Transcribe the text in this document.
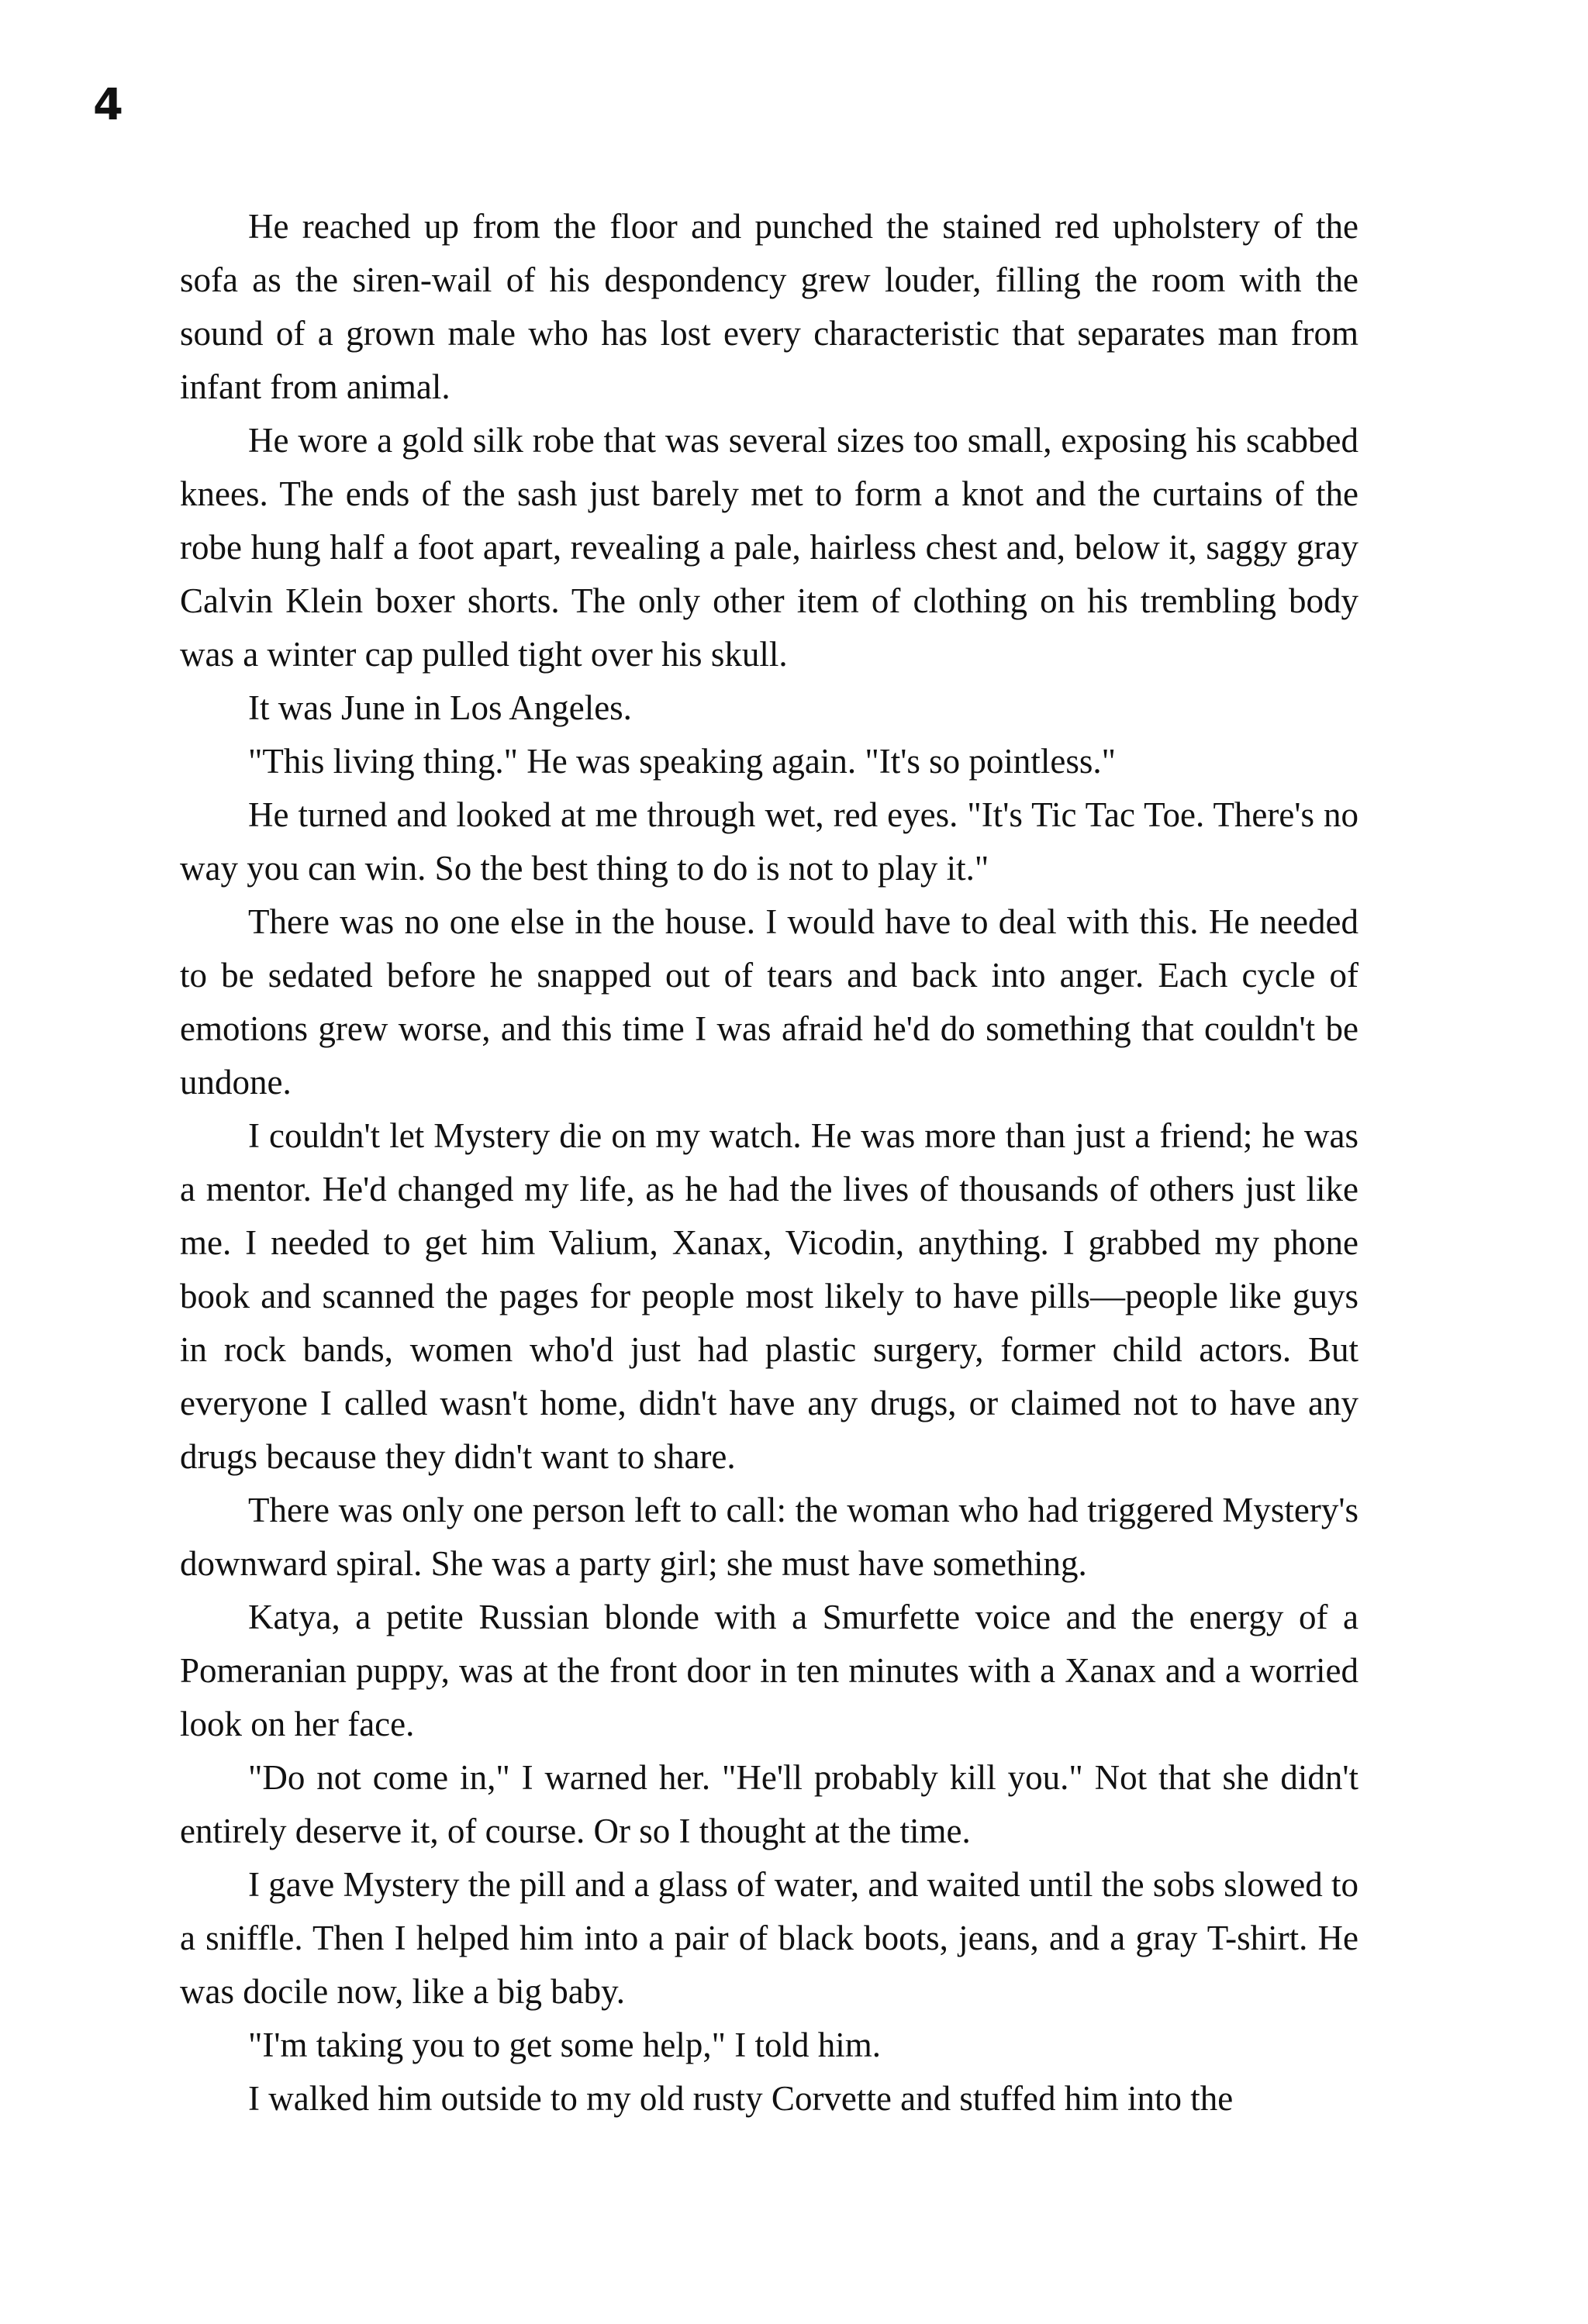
4

He reached up from the floor and punched the stained red upholstery of the sofa as the siren-wail of his despondency grew louder, filling the room with the sound of a grown male who has lost every characteristic that separates man from infant from animal.

He wore a gold silk robe that was several sizes too small, exposing his scabbed knees. The ends of the sash just barely met to form a knot and the curtains of the robe hung half a foot apart, revealing a pale, hairless chest and, below it, saggy gray Calvin Klein boxer shorts. The only other item of clothing on his trembling body was a winter cap pulled tight over his skull.

It was June in Los Angeles.

"This living thing." He was speaking again. "It's so pointless."

He turned and looked at me through wet, red eyes. "It's Tic Tac Toe. There's no way you can win. So the best thing to do is not to play it."

There was no one else in the house. I would have to deal with this. He needed to be sedated before he snapped out of tears and back into anger. Each cycle of emotions grew worse, and this time I was afraid he'd do something that couldn't be undone.

I couldn't let Mystery die on my watch. He was more than just a friend; he was a mentor. He'd changed my life, as he had the lives of thousands of others just like me. I needed to get him Valium, Xanax, Vicodin, anything. I grabbed my phone book and scanned the pages for people most likely to have pills—people like guys in rock bands, women who'd just had plastic surgery, former child actors. But everyone I called wasn't home, didn't have any drugs, or claimed not to have any drugs because they didn't want to share.

There was only one person left to call: the woman who had triggered Mystery's downward spiral. She was a party girl; she must have something.

Katya, a petite Russian blonde with a Smurfette voice and the energy of a Pomeranian puppy, was at the front door in ten minutes with a Xanax and a worried look on her face.

"Do not come in," I warned her. "He'll probably kill you." Not that she didn't entirely deserve it, of course. Or so I thought at the time.

I gave Mystery the pill and a glass of water, and waited until the sobs slowed to a sniffle. Then I helped him into a pair of black boots, jeans, and a gray T-shirt. He was docile now, like a big baby.

"I'm taking you to get some help," I told him.

I walked him outside to my old rusty Corvette and stuffed him into the
